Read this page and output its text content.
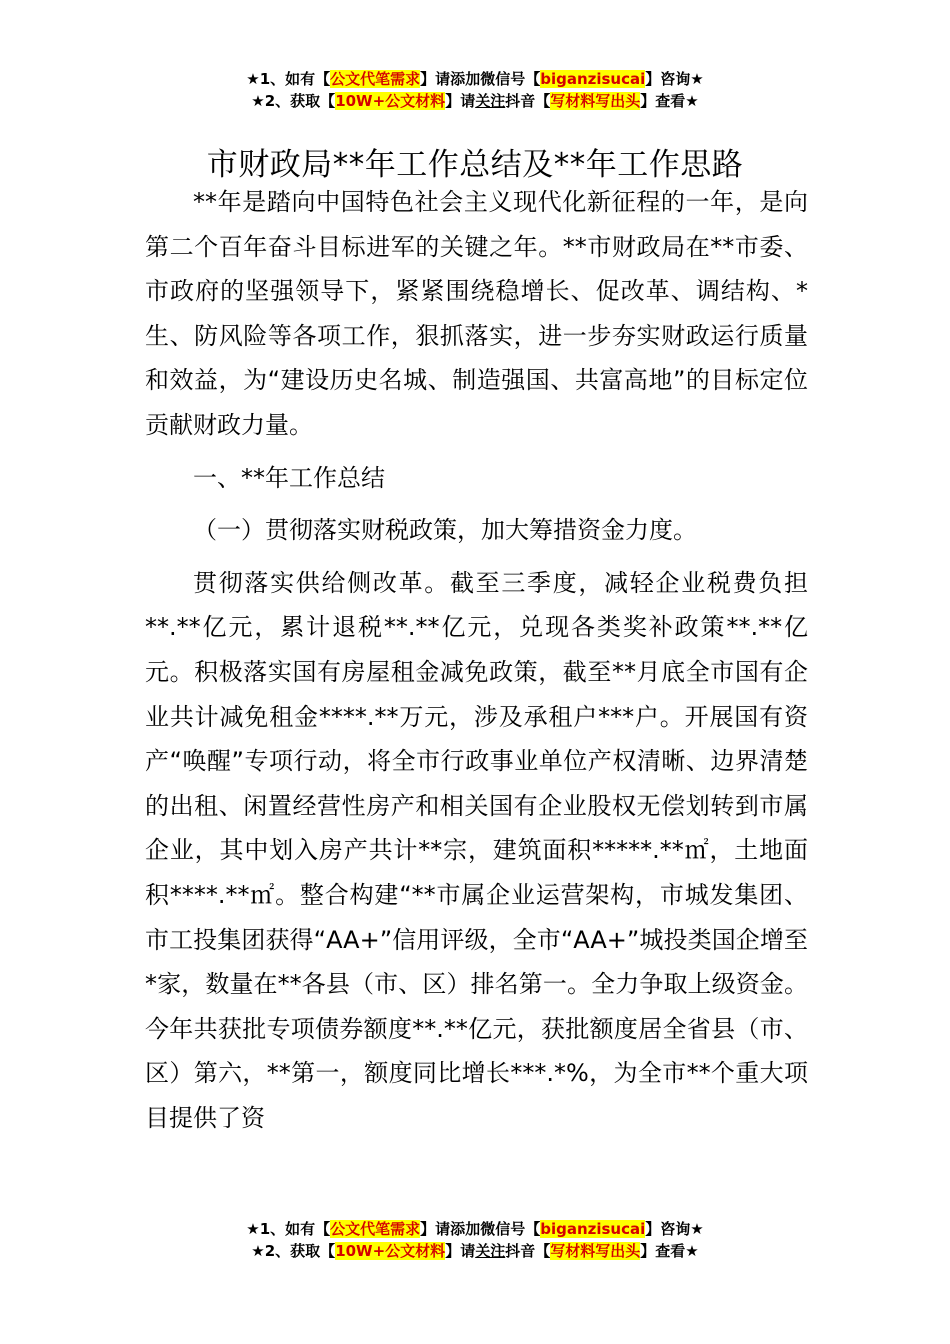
★1、如有【公文代笔需求】请添加微信号【biganzisucai】咨询★
★2、获取【10W+公文材料】请关注抖音【写材料写出头】查看★
市财政局**年工作总结及**年工作思路

**年是踏向中国特色社会主义现代化新征程的一年，是向第二个百年奋斗目标进军的关键之年。**市财政局在**市委、市政府的坚强领导下，紧紧围绕稳增长、促改革、调结构、*生、防风险等各项工作，狠抓落实，进一步夯实财政运行质量和效益，为“建设历史名城、制造强国、共富高地”的目标定位贡献财政力量。

一、**年工作总结

（一）贯彻落实财税政策，加大筹措资金力度。

贯彻落实供给侧改革。截至三季度，减轻企业税费负担**.**亿元，累计退税**.**亿元，兑现各类奖补政策**.**亿元。积极落实国有房屋租金减免政策，截至**月底全市国有企业共计减免租金****.**万元，涉及承租户***户。开展国有资产“唤醒”专项行动，将全市行政事业单位产权清晰、边界清楚的出租、闲置经营性房产和相关国有企业股权无偿划转到市属企业，其中划入房产共计**宗，建筑面积*****.**㎡，土地面积****.**㎡。整合构建“**市属企业运营架构，市城发集团、市工投集团获得“AA+”信用评级，全市“AA+”城投类国企增至*家，数量在**各县（市、区）排名第一。全力争取上级资金。今年共获批专项债券额度**.**亿元，获批额度居全省县（市、区）第六，**第一，额度同比增长***.*%，为全市**个重大项目提供了资

★1、如有【公文代笔需求】请添加微信号【biganzisucai】咨询★
★2、获取【10W+公文材料】请关注抖音【写材料写出头】查看★
